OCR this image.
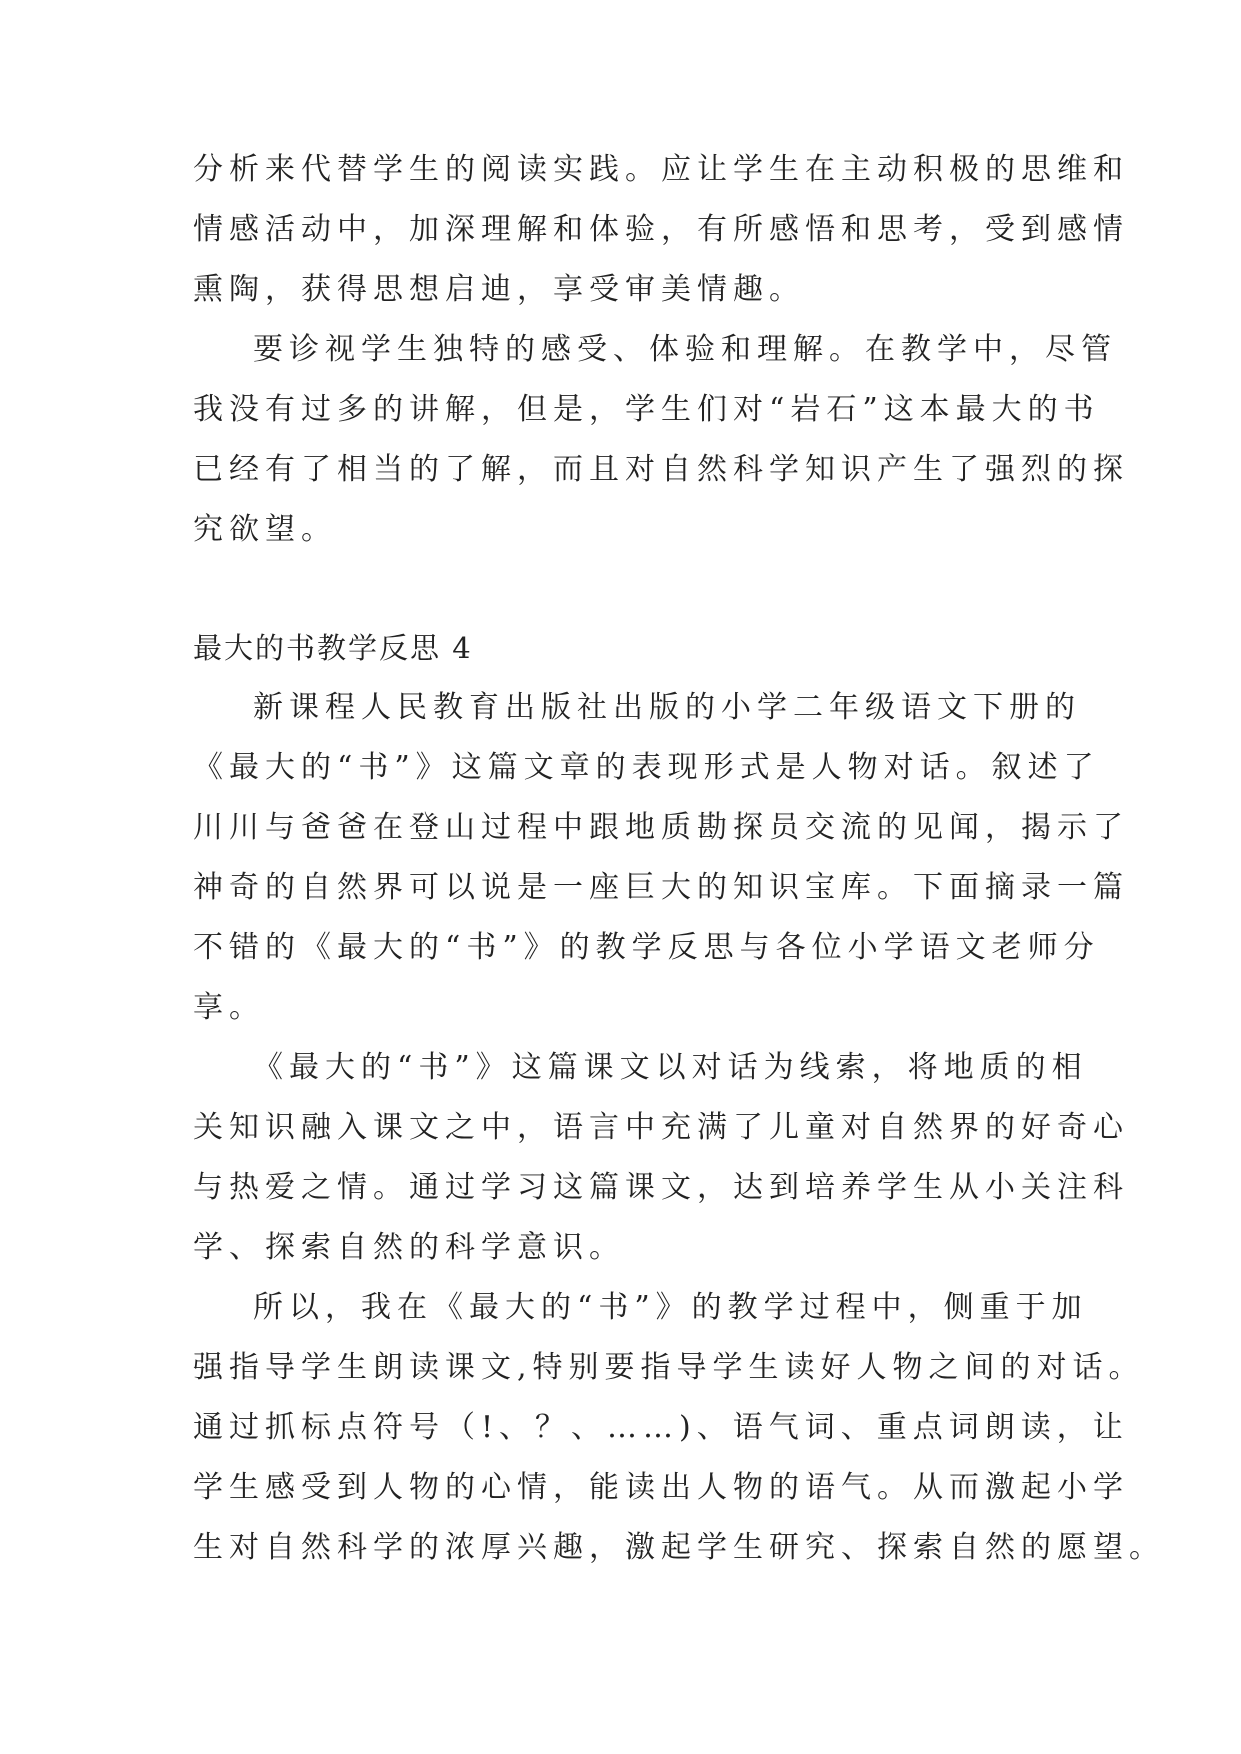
分析来代替学生的阅读实践。应让学生在主动积极的思维和
情感活动中，加深理解和体验，有所感悟和思考，受到感情
熏陶，获得思想启迪，享受审美情趣。
要诊视学生独特的感受、体验和理解。在教学中，尽管
我没有过多的讲解，但是，学生们对“岩石”这本最大的书
已经有了相当的了解，而且对自然科学知识产生了强烈的探
究欲望。
最大的书教学反思 4
新课程人民教育出版社出版的小学二年级语文下册的
《最大的“书”》这篇文章的表现形式是人物对话。叙述了
川川与爸爸在登山过程中跟地质勘探员交流的见闻，揭示了
神奇的自然界可以说是一座巨大的知识宝库。下面摘录一篇
不错的《最大的“书”》的教学反思与各位小学语文老师分
享。
《最大的“书”》这篇课文以对话为线索，将地质的相
关知识融入课文之中，语言中充满了儿童对自然界的好奇心
与热爱之情。通过学习这篇课文，达到培养学生从小关注科
学、探索自然的科学意识。
所以，我在《最大的“书”》的教学过程中，侧重于加
强指导学生朗读课文,特别要指导学生读好人物之间的对话。
通过抓标点符号（!、？、……)、语气词、重点词朗读，让
学生感受到人物的心情，能读出人物的语气。从而激起小学
生对自然科学的浓厚兴趣，激起学生研究、探索自然的愿望。
